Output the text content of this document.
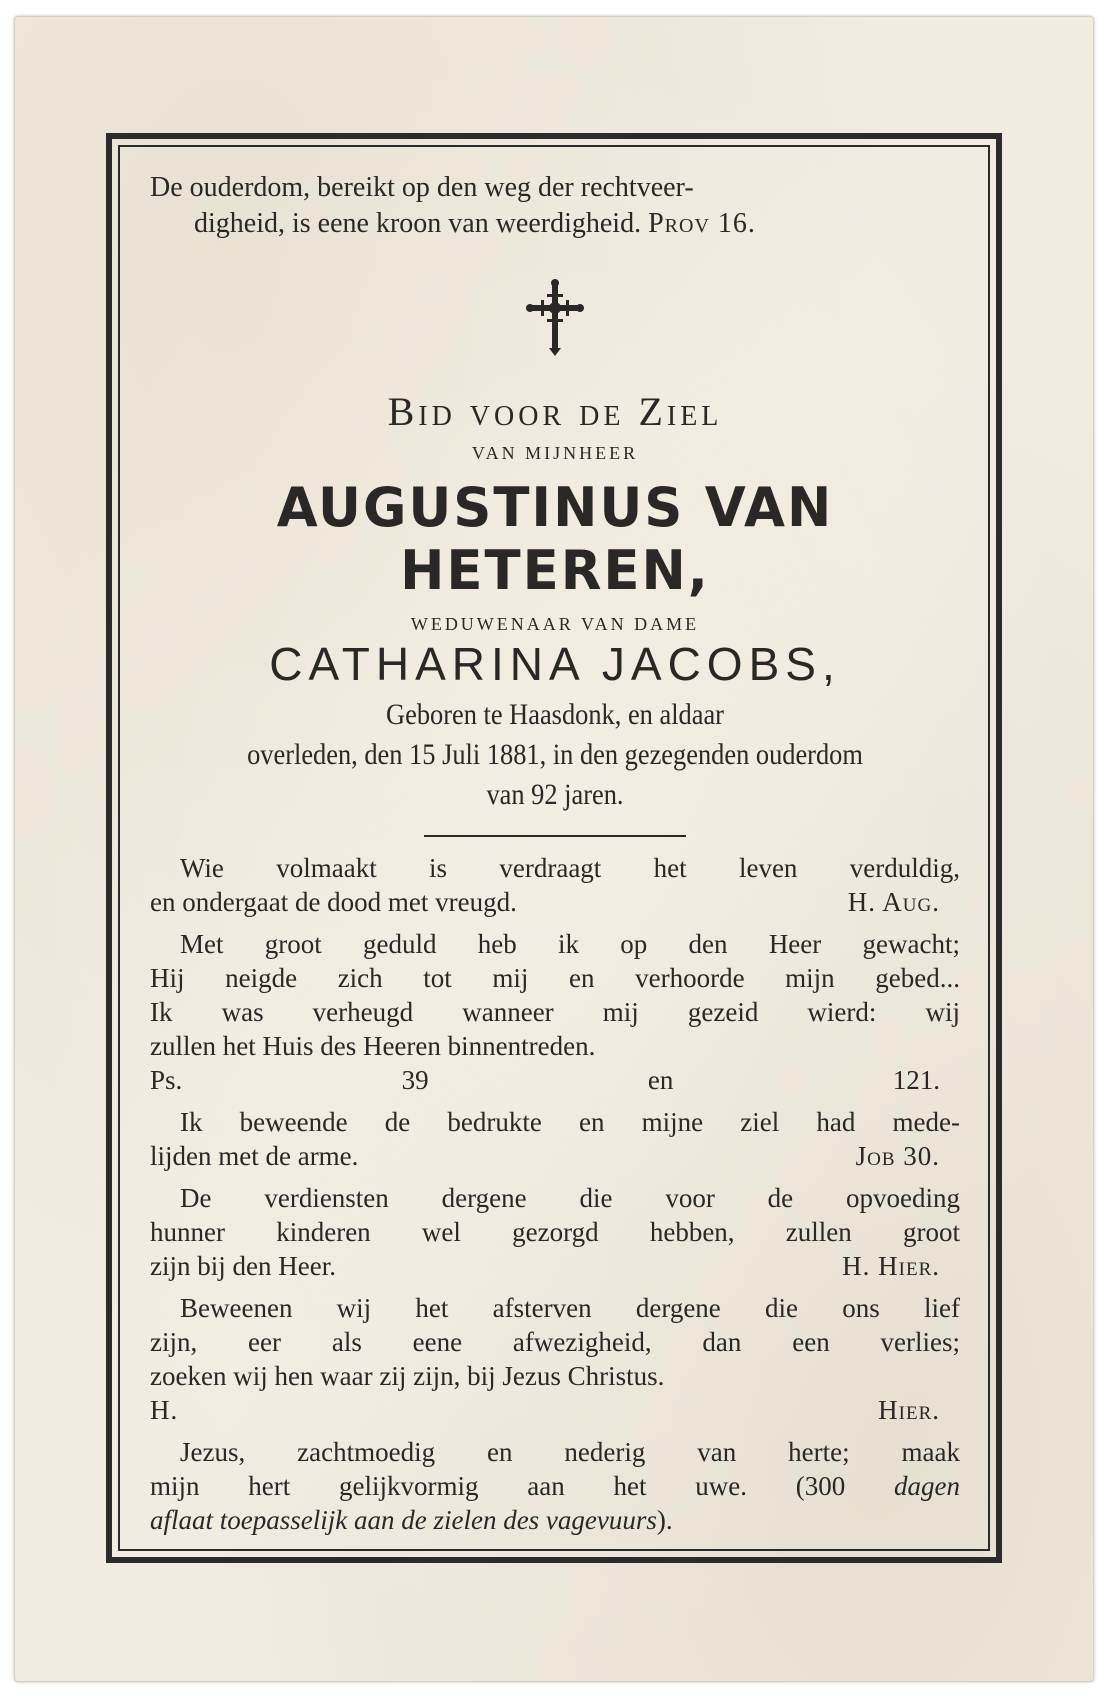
De ouderdom, bereikt op den weg der rechtveer-
digheid, is eene kroon van weerdigheid. Prov 16.
Bid voor de Ziel
VAN MIJNHEER
AUGUSTINUS VAN HETEREN,
WEDUWENAAR VAN DAME
CATHARINA JACOBS,
Geboren te Haasdonk, en aldaar
overleden, den 15 Juli 1881, in den gezegenden ouderdom
van 92 jaren.
Wie volmaakt is verdraagt het leven verduldig,
en ondergaat de dood met vreugd.	H. Aug.
Met groot geduld heb ik op den Heer gewacht;
Hij neigde zich tot mij en verhoorde mijn gebed...
Ik was verheugd wanneer mij gezeid wierd: wij
zullen het Huis des Heeren binnentreden.
Ps. 39 en 121.
Ik beweende de bedrukte en mijne ziel had mede-
lijden met de arme.	Job 30.
De verdiensten dergene die voor de opvoeding
hunner kinderen wel gezorgd hebben, zullen groot
zijn bij den Heer.	H. Hier.
Beweenen wij het afsterven dergene die ons lief
zijn, eer als eene afwezigheid, dan een verlies;
zoeken wij hen waar zij zijn, bij Jezus Christus.
H. Hier.
Jezus, zachtmoedig en nederig van herte; maak
mijn hert gelijkvormig aan het uwe. (300 dagen
aflaat toepasselijk aan de zielen des vagevuurs).
